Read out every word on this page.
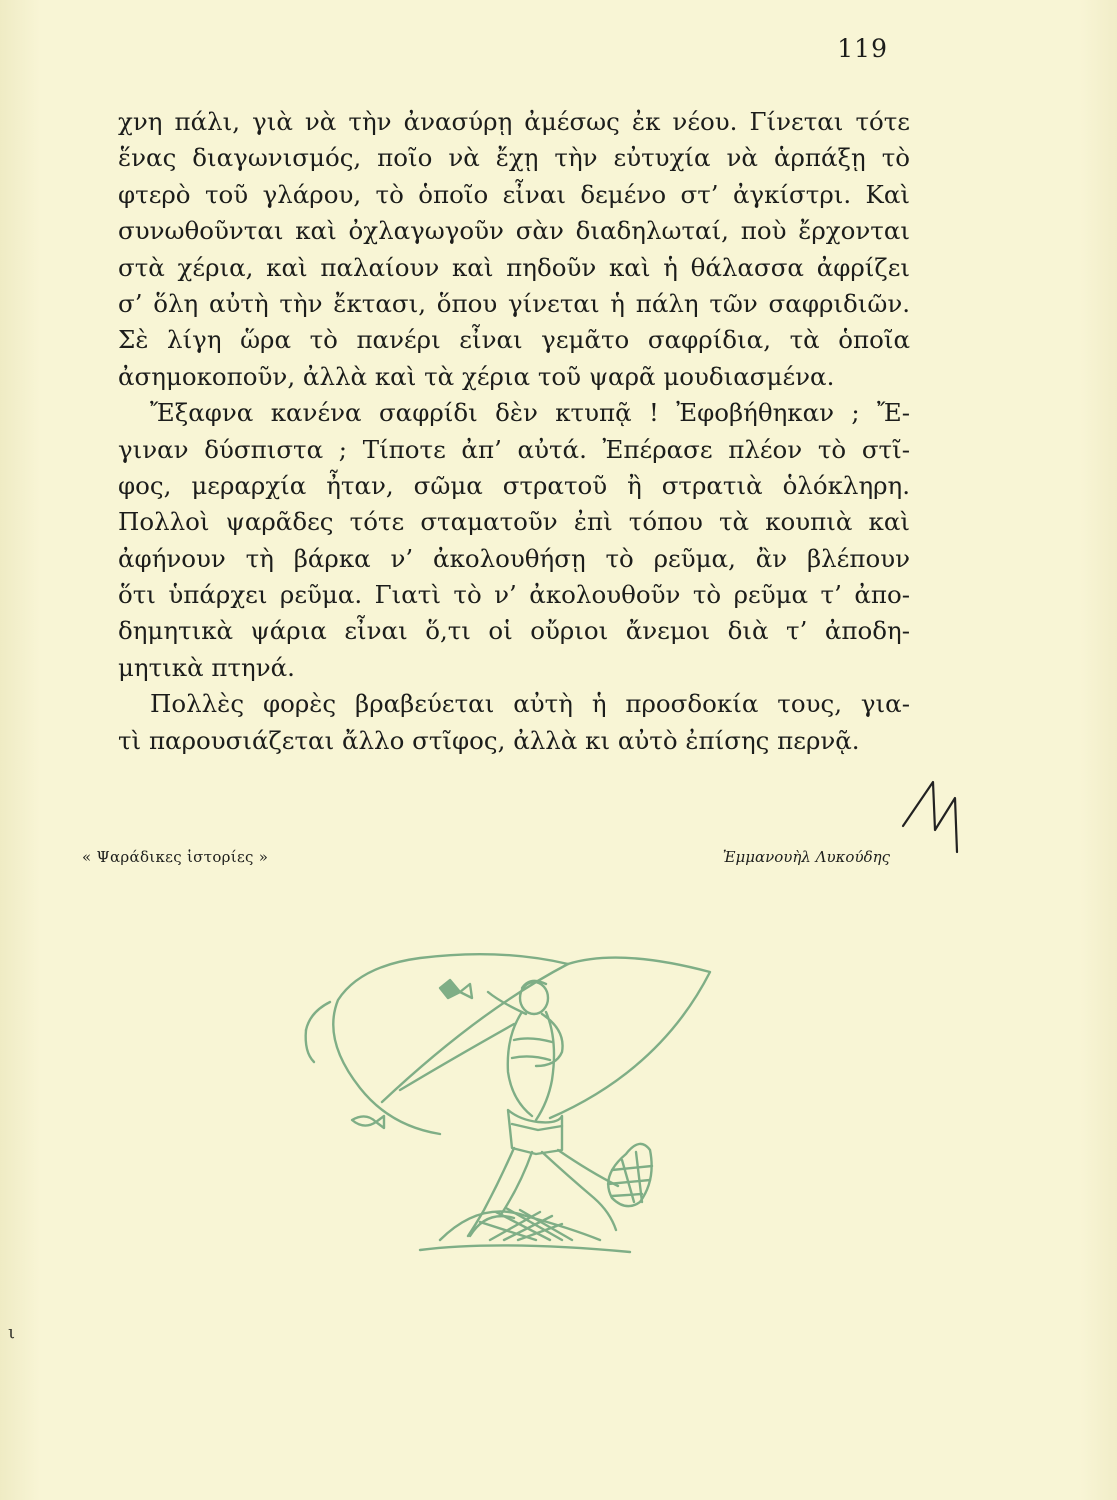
119
χνη πάλι, γιὰ νὰ τὴν ἀνασύρῃ ἀμέσως ἐκ νέου. Γίνεται τότε
ἕνας διαγωνισμός, ποῖο νὰ ἔχῃ τὴν εὐτυχία νὰ ἁρπάξῃ τὸ
φτερὸ τοῦ γλάρου, τὸ ὁποῖο εἶναι δεμένο στ’ ἀγκίστρι. Καὶ
συνωθοῦνται καὶ ὀχλαγωγοῦν σὰν διαδηλωταί, ποὺ ἔρχονται
στὰ χέρια, καὶ παλαίουν καὶ πηδοῦν καὶ ἡ θάλασσα ἀφρίζει
σ’ ὅλη αὐτὴ τὴν ἔκτασι, ὅπου γίνεται ἡ πάλη τῶν σαφριδιῶν.
Σὲ λίγη ὥρα τὸ πανέρι εἶναι γεμᾶτο σαφρίδια, τὰ ὁποῖα
ἀσημοκοποῦν, ἀλλὰ καὶ τὰ χέρια τοῦ ψαρᾶ μουδιασμένα.
Ἔξαφνα κανένα σαφρίδι δὲν κτυπᾷ ! Ἐφοβήθηκαν ; Ἔ-
γιναν δύσπιστα ; Τίποτε ἀπ’ αὐτά. Ἐπέρασε πλέον τὸ στῖ-
φος, μεραρχία ἦταν, σῶμα στρατοῦ ἢ στρατιὰ ὁλόκληρη.
Πολλοὶ ψαρᾶδες τότε σταματοῦν ἐπὶ τόπου τὰ κουπιὰ καὶ
ἀφήνουν τὴ βάρκα ν’ ἀκολουθήσῃ τὸ ρεῦμα, ἂν βλέπουν
ὅτι ὑπάρχει ρεῦμα. Γιατὶ τὸ ν’ ἀκολουθοῦν τὸ ρεῦμα τ’ ἀπο-
δημητικὰ ψάρια εἶναι ὅ,τι οἱ οὔριοι ἄνεμοι διὰ τ’ ἀποδη-
μητικὰ πτηνά.
Πολλὲς φορὲς βραβεύεται αὐτὴ ἡ προσδοκία τους, για-
τὶ παρουσιάζεται ἄλλο στῖφος, ἀλλὰ κι αὐτὸ ἐπίσης περνᾷ.
« Ψαράδικες ἱστορίες »	Ἐμμανουὴλ Λυκούδης
ι
